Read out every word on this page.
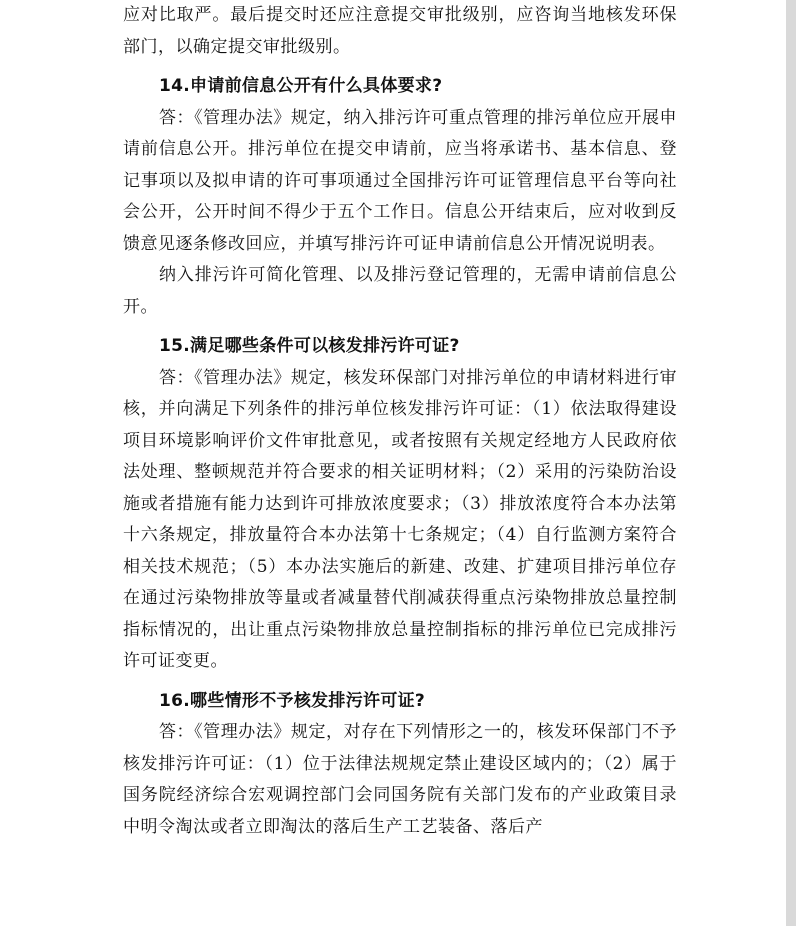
应对比取严。最后提交时还应注意提交审批级别，应咨询当地核发环保部门，以确定提交审批级别。

14.申请前信息公开有什么具体要求?

答：《管理办法》规定，纳入排污许可重点管理的排污单位应开展申请前信息公开。排污单位在提交申请前，应当将承诺书、基本信息、登记事项以及拟申请的许可事项通过全国排污许可证管理信息平台等向社会公开，公开时间不得少于五个工作日。信息公开结束后，应对收到反馈意见逐条修改回应，并填写排污许可证申请前信息公开情况说明表。

纳入排污许可简化管理、以及排污登记管理的，无需申请前信息公开。

15.满足哪些条件可以核发排污许可证?

答：《管理办法》规定，核发环保部门对排污单位的申请材料进行审核，并向满足下列条件的排污单位核发排污许可证：（1）依法取得建设项目环境影响评价文件审批意见，或者按照有关规定经地方人民政府依法处理、整顿规范并符合要求的相关证明材料；（2）采用的污染防治设施或者措施有能力达到许可排放浓度要求；（3）排放浓度符合本办法第十六条规定，排放量符合本办法第十七条规定；（4）自行监测方案符合相关技术规范；（5）本办法实施后的新建、改建、扩建项目排污单位存在通过污染物排放等量或者减量替代削减获得重点污染物排放总量控制指标情况的，出让重点污染物排放总量控制指标的排污单位已完成排污许可证变更。

16.哪些情形不予核发排污许可证?

答：《管理办法》规定，对存在下列情形之一的，核发环保部门不予核发排污许可证：（1）位于法律法规规定禁止建设区域内的；（2）属于国务院经济综合宏观调控部门会同国务院有关部门发布的产业政策目录中明令淘汰或者立即淘汰的落后生产工艺装备、落后产
